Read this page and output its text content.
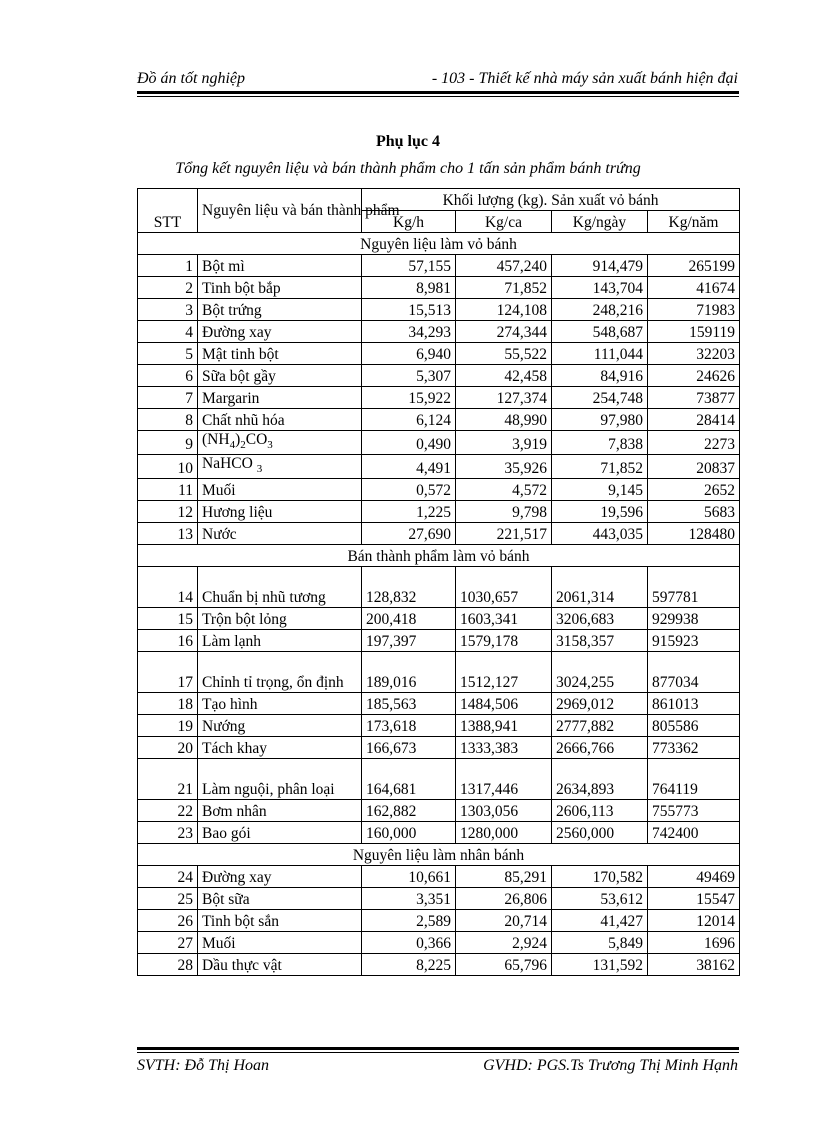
Đồ án tốt nghiệp	- 103 - Thiết kế nhà máy sản xuất bánh hiện đại
Phụ lục 4
Tổng kết nguyên liệu và bán thành phẩm cho 1 tấn sản phẩm bánh trứng
STT	Nguyên liệu và bán thành phẩm	Khối lượng (kg). Sản xuất vỏ bánh			
		Kg/h	Kg/ca	Kg/ngày	Kg/năm
Nguyên liệu làm vỏ bánh					
1	Bột mì	57,155	457,240	914,479	265199
2	Tinh bột bắp	8,981	71,852	143,704	41674
3	Bột trứng	15,513	124,108	248,216	71983
4	Đường xay	34,293	274,344	548,687	159119
5	Mật tinh bột	6,940	55,522	111,044	32203
6	Sữa bột gầy	5,307	42,458	84,916	24626
7	Margarin	15,922	127,374	254,748	73877
8	Chất nhũ hóa	6,124	48,990	97,980	28414
9	$(NH_4)_2CO_3$	0,490	3,919	7,838	2273
10	NaHCO $_3$	4,491	35,926	71,852	20837
11	Muối	0,572	4,572	9,145	2652
12	Hương liệu	1,225	9,798	19,596	5683
13	Nước	27,690	221,517	443,035	128480
Bán thành phẩm làm vỏ bánh					
14	Chuẩn bị nhũ tương	128,832	1030,657	2061,314	597781
15	Trộn bột lỏng	200,418	1603,341	3206,683	929938
16	Làm lạnh	197,397	1579,178	3158,357	915923
17	Chỉnh tỉ trọng, ổn định	189,016	1512,127	3024,255	877034
18	Tạo hình	185,563	1484,506	2969,012	861013
19	Nướng	173,618	1388,941	2777,882	805586
20	Tách khay	166,673	1333,383	2666,766	773362
21	Làm nguội, phân loại	164,681	1317,446	2634,893	764119
22	Bơm nhân	162,882	1303,056	2606,113	755773
23	Bao gói	160,000	1280,000	2560,000	742400
Nguyên liệu làm nhân bánh					
24	Đường xay	10,661	85,291	170,582	49469
25	Bột sữa	3,351	26,806	53,612	15547
26	Tinh bột sắn	2,589	20,714	41,427	12014
27	Muối	0,366	2,924	5,849	1696
28	Dầu thực vật	8,225	65,796	131,592	38162
SVTH: Đỗ Thị Hoan	GVHD: PGS.Ts Trương Thị Minh Hạnh
